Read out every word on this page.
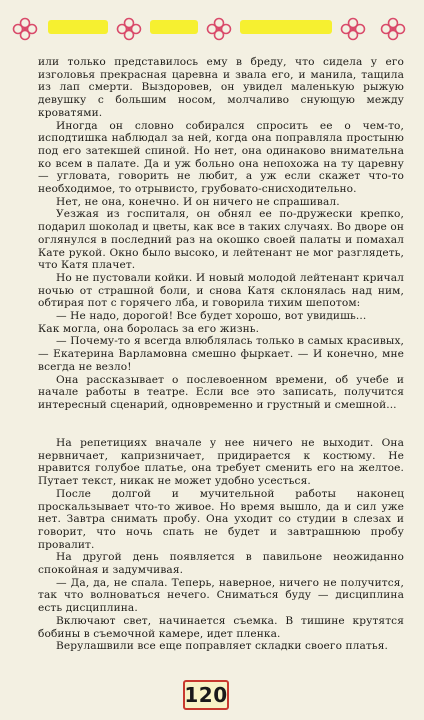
или только представилось ему в бреду, что сидела у его изголовья прекрасная царевна и звала его, и манила, тащила из лап смерти. Выздоровев, он увидел маленькую рыжую девушку с большим носом, молчаливо снующую между кроватями.

Иногда он словно собирался спросить ее о чем-то, исподтишка наблюдал за ней, когда она поправляла простыню под его затекшей спиной. Но нет, она одинаково внимательна ко всем в палате. Да и уж больно она непохожа на ту царевну — угловата, говорить не любит, а уж если скажет что-то необходимое, то отрывисто, грубовато-снисходительно.

Нет, не она, конечно. И он ничего не спрашивал.

Уезжая из госпиталя, он обнял ее по-дружески крепко, подарил шоколад и цветы, как все в таких случаях. Во дворе он оглянулся в последний раз на окошко своей палаты и помахал Кате рукой. Окно было высоко, и лейтенант не мог разглядеть, что Катя плачет.

Но не пустовали койки. И новый молодой лейтенант кричал ночью от страшной боли, и снова Катя склонялась над ним, обтирая пот с горячего лба, и говорила тихим шепотом:

— Не надо, дорогой! Все будет хорошо, вот увидишь...

Как могла, она боролась за его жизнь.

— Почему-то я всегда влюблялась только в самых красивых, — Екатерина Варламовна смешно фыркает. — И конечно, мне всегда не везло!

Она рассказывает о послевоенном времени, об учебе и начале работы в театре. Если все это записать, получится интересный сценарий, одновременно и грустный и смешной...

На репетициях вначале у нее ничего не выходит. Она нервничает, капризничает, придирается к костюму. Не нравится голубое платье, она требует сменить его на желтое. Путает текст, никак не может удобно усесться.

После долгой и мучительной работы наконец проскальзывает что-то живое. Но время вышло, да и сил уже нет. Завтра снимать пробу. Она уходит со студии в слезах и говорит, что ночь спать не будет и завтрашнюю пробу провалит.

На другой день появляется в павильоне неожиданно спокойная и задумчивая.

— Да, да, не спала. Теперь, наверное, ничего не получится, так что волноваться нечего. Сниматься буду — дисциплина есть дисциплина.

Включают свет, начинается съемка. В тишине крутятся бобины в съемочной камере, идет пленка.

Верулашвили все еще поправляет складки своего платья.

120
